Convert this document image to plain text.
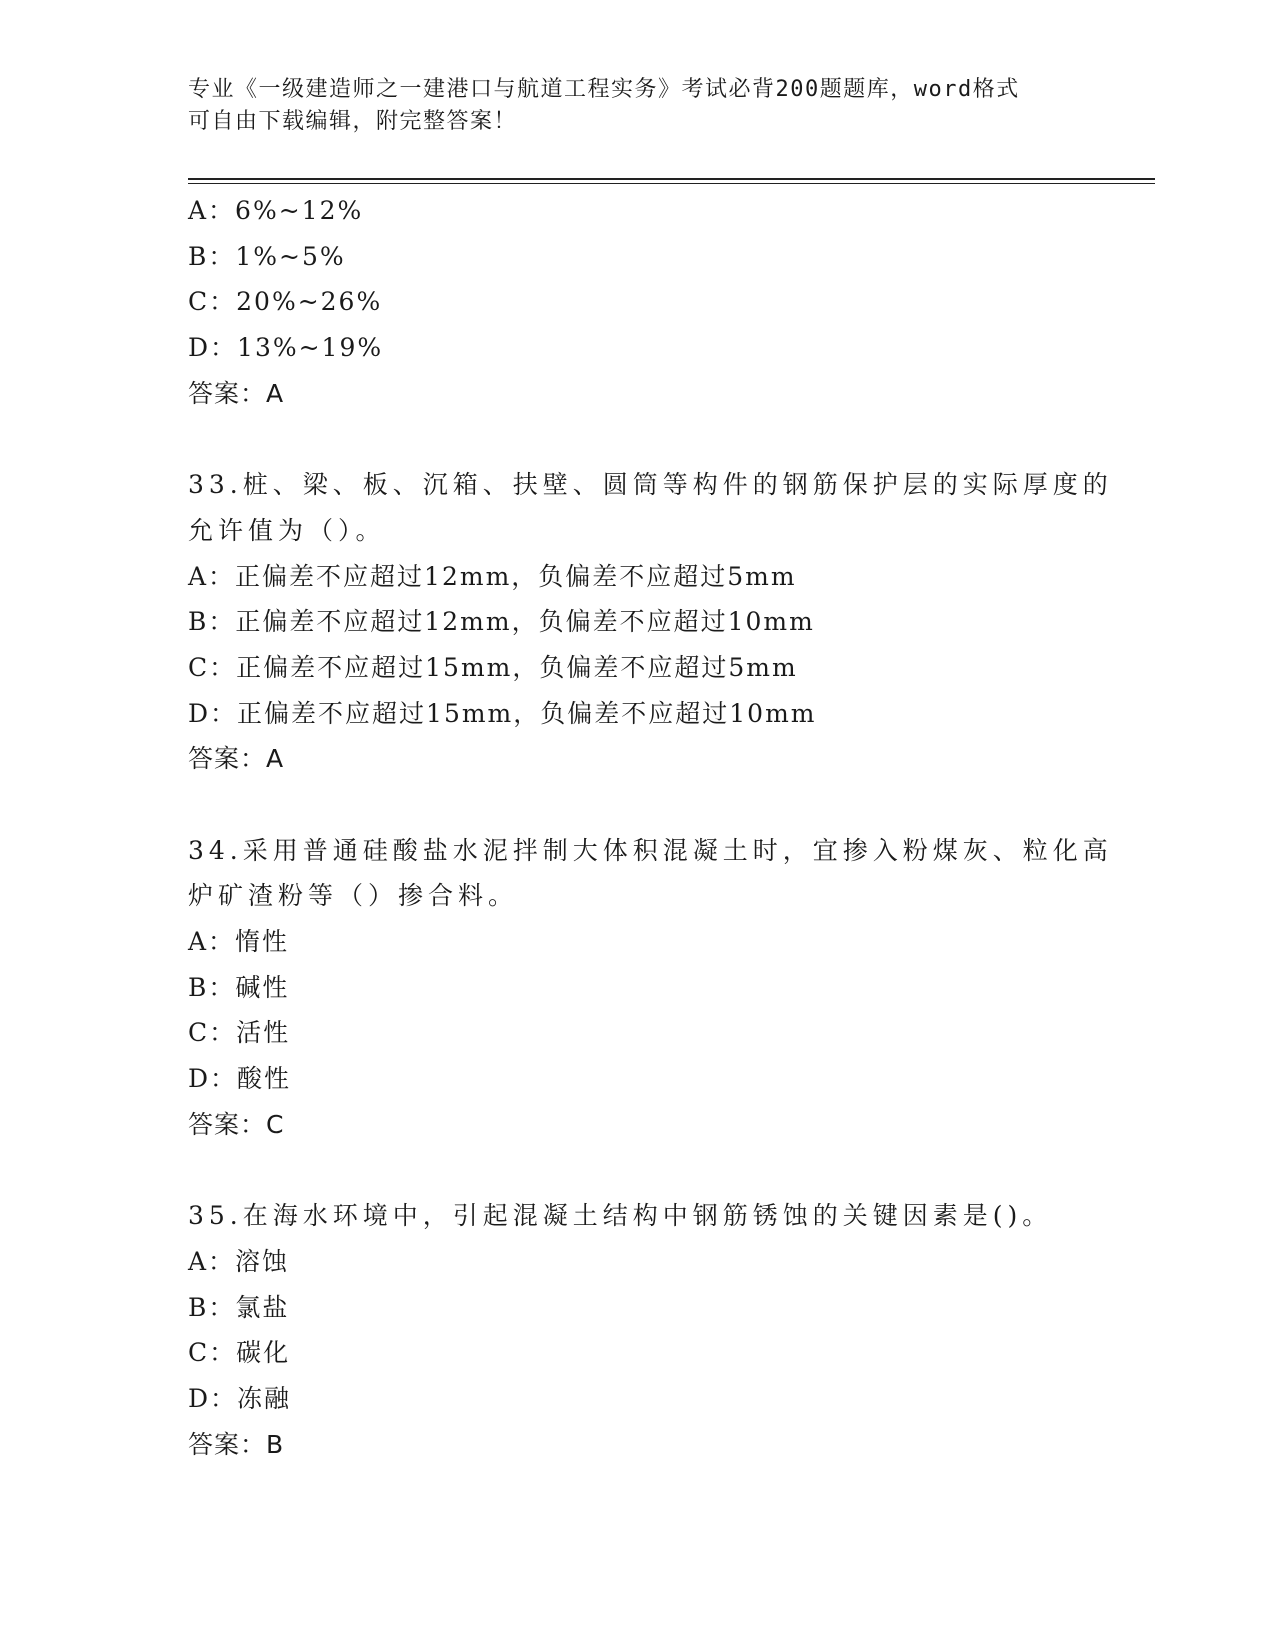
专业《一级建造师之一建港口与航道工程实务》考试必背200题题库，word格式
可自由下载编辑，附完整答案！
A：6%~12%
B：1%~5%
C：20%~26%
D：13%~19%
答案：A
33.桩、梁、板、沉箱、扶壁、圆筒等构件的钢筋保护层的实际厚度的
允许值为（）。
A：正偏差不应超过12mm，负偏差不应超过5mm
B：正偏差不应超过12mm，负偏差不应超过10mm
C：正偏差不应超过15mm，负偏差不应超过5mm
D：正偏差不应超过15mm，负偏差不应超过10mm
答案：A
34.采用普通硅酸盐水泥拌制大体积混凝土时，宜掺入粉煤灰、粒化高
炉矿渣粉等（）掺合料。
A：惰性
B：碱性
C：活性
D：酸性
答案：C
35.在海水环境中，引起混凝土结构中钢筋锈蚀的关键因素是()。
A：溶蚀
B：氯盐
C：碳化
D：冻融
答案：B
